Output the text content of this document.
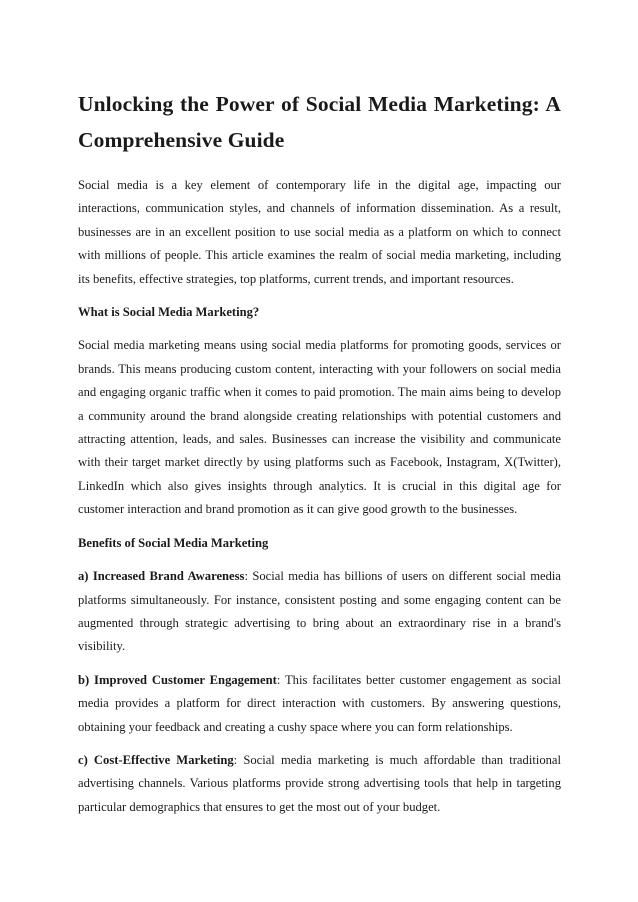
Unlocking the Power of Social Media Marketing: A Comprehensive Guide

Social media is a key element of contemporary life in the digital age, impacting our interactions, communication styles, and channels of information dissemination. As a result, businesses are in an excellent position to use social media as a platform on which to connect with millions of people. This article examines the realm of social media marketing, including its benefits, effective strategies, top platforms, current trends, and important resources.

What is Social Media Marketing?

Social media marketing means using social media platforms for promoting goods, services or brands. This means producing custom content, interacting with your followers on social media and engaging organic traffic when it comes to paid promotion. The main aims being to develop a community around the brand alongside creating relationships with potential customers and attracting attention, leads, and sales. Businesses can increase the visibility and communicate with their target market directly by using platforms such as Facebook, Instagram, X(Twitter), LinkedIn which also gives insights through analytics. It is crucial in this digital age for customer interaction and brand promotion as it can give good growth to the businesses.

Benefits of Social Media Marketing

a) Increased Brand Awareness: Social media has billions of users on different social media platforms simultaneously. For instance, consistent posting and some engaging content can be augmented through strategic advertising to bring about an extraordinary rise in a brand's visibility.

b) Improved Customer Engagement: This facilitates better customer engagement as social media provides a platform for direct interaction with customers. By answering questions, obtaining your feedback and creating a cushy space where you can form relationships.

c) Cost-Effective Marketing: Social media marketing is much affordable than traditional advertising channels. Various platforms provide strong advertising tools that help in targeting particular demographics that ensures to get the most out of your budget.
